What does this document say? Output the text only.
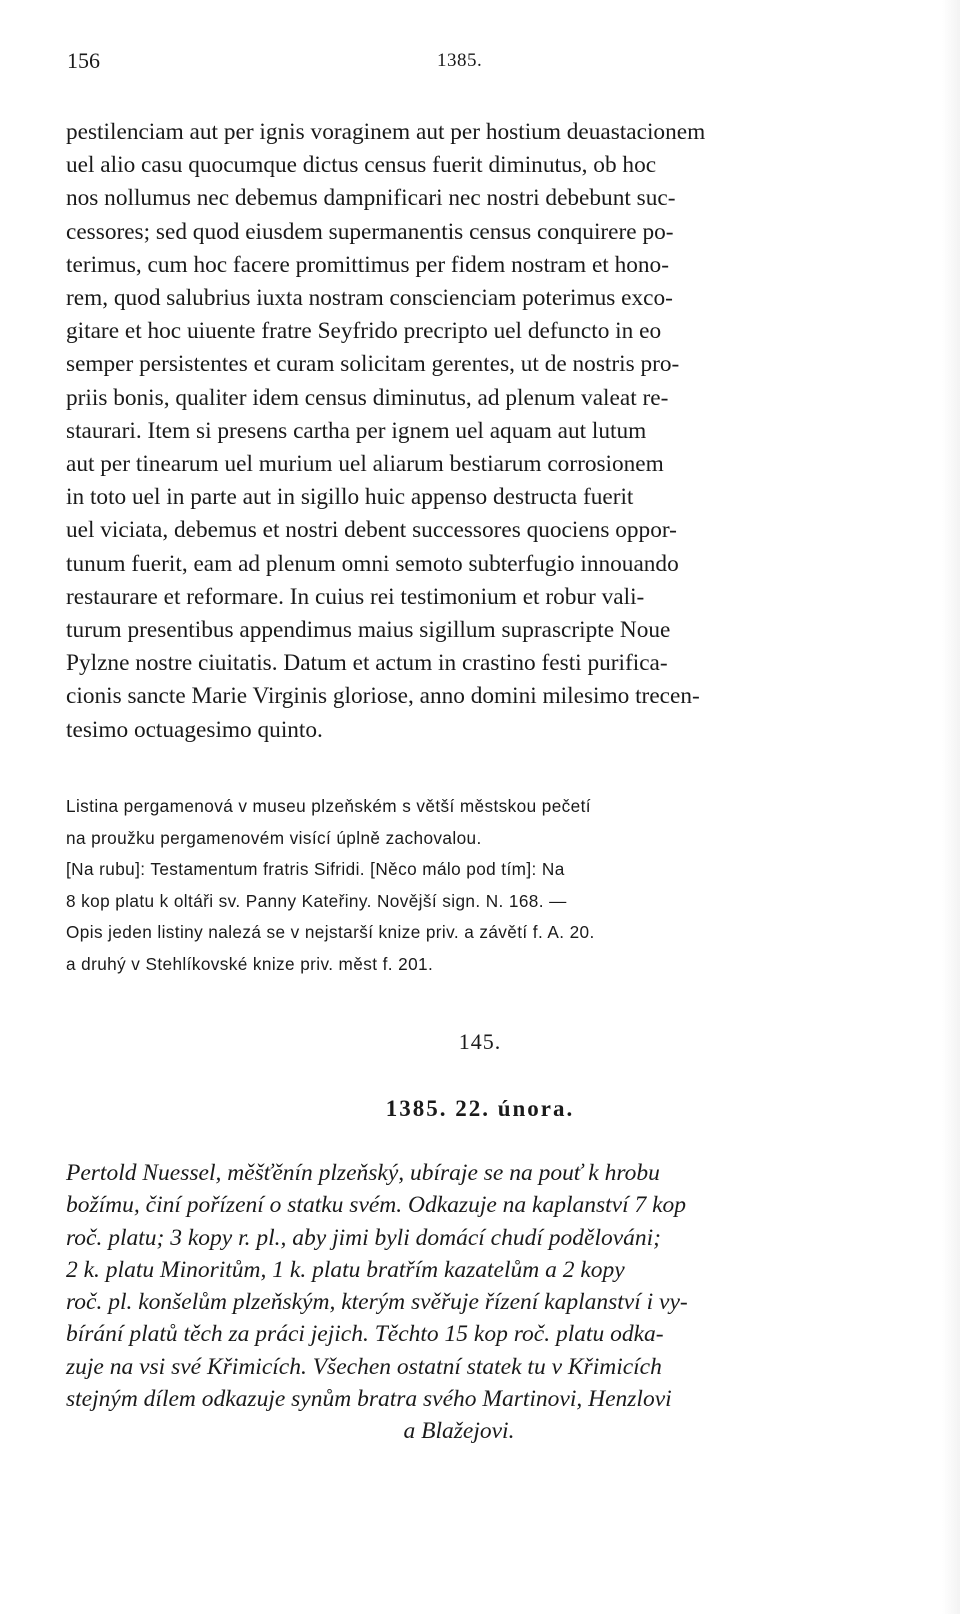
156	1385.

pestilenciam aut per ignis voraginem aut per hostium deuastacionem
uel alio casu quocumque dictus census fuerit diminutus, ob hoc
nos nollumus nec debemus dampnificari nec nostri debebunt suc-
cessores; sed quod eiusdem supermanentis census conquirere po-
terimus, cum hoc facere promittimus per fidem nostram et hono-
rem, quod salubrius iuxta nostram conscienciam poterimus exco-
gitare et hoc uiuente fratre Seyfrido precripto uel defuncto in eo
semper persistentes et curam solicitam gerentes, ut de nostris pro-
priis bonis, qualiter idem census diminutus, ad plenum valeat re-
staurari. Item si presens cartha per ignem uel aquam aut lutum
aut per tinearum uel murium uel aliarum bestiarum corrosionem
in toto uel in parte aut in sigillo huic appenso destructa fuerit
uel viciata, debemus et nostri debent successores quociens oppor-
tunum fuerit, eam ad plenum omni semoto subterfugio innouando
restaurare et reformare. In cuius rei testimonium et robur vali-
turum presentibus appendimus maius sigillum suprascripte Noue
Pylzne nostre ciuitatis. Datum et actum in crastino festi purifica-
cionis sancte Marie Virginis gloriose, anno domini milesimo trecen-
tesimo octuagesimo quinto.

Listina pergamenová v museu plzeňském s větší městskou pečetí
na proužku pergamenovém visící úplně zachovalou.
[Na rubu]: Testamentum fratris Sifridi. [Něco málo pod tím]: Na
8 kop platu k oltáři sv. Panny Kateřiny. Novější sign. N. 168. —
Opis jeden listiny nalezá se v nejstarší knize priv. a závětí f. A. 20.
a druhý v Stehlíkovské knize priv. měst f. 201.
145.
1385. 22. února.
Pertold Nuessel, měšťěnín plzeňský, ubíraje se na pouť k hrobu
božímu, činí pořízení o statku svém. Odkazuje na kaplanství 7 kop
roč. platu; 3 kopy r. pl., aby jimi byli domácí chudí podělováni;
2 k. platu Minoritům, 1 k. platu bratřím kazatelům a 2 kopy
roč. pl. konšelům plzeňským, kterým svěřuje řízení kaplanství i vy-
bírání platů těch za práci jejich. Těchto 15 kop roč. platu odka-
zuje na vsi své Křimicích. Všechen ostatní statek tu v Křimicích
stejným dílem odkazuje synům bratra svého Martinovi, Henzlovi
a Blažejovi.
